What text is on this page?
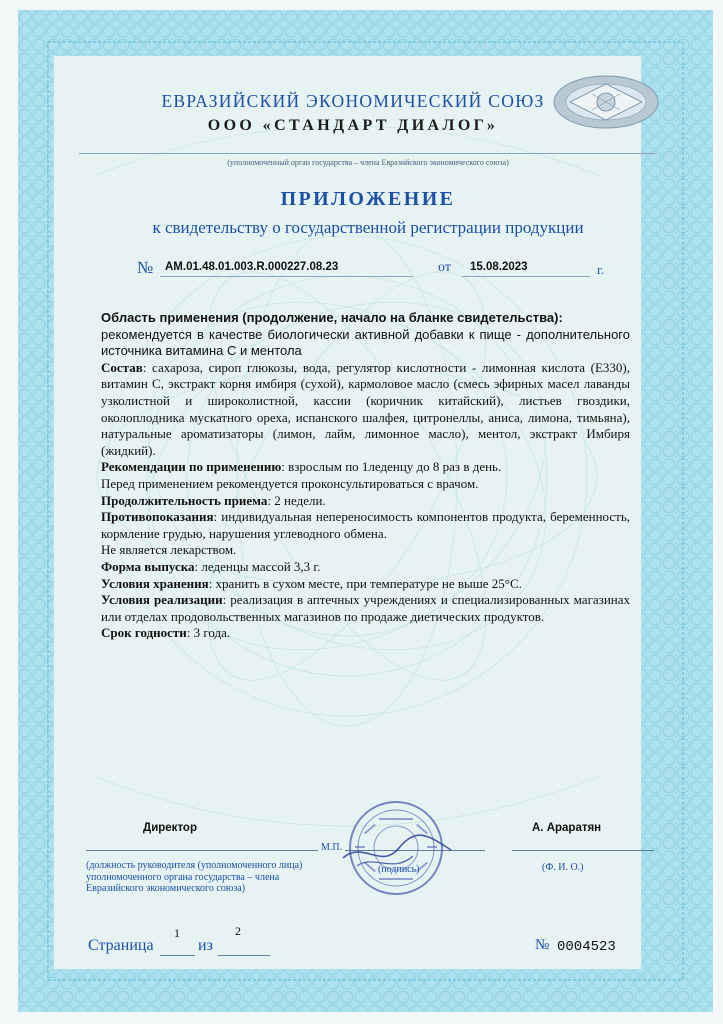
ЕВРАЗИЙСКИЙ ЭКОНОМИЧЕСКИЙ СОЮЗ
ООО «СТАНДАРТ ДИАЛОГ»
(уполномоченный орган государства – члена Евразийского экономического союза)
ПРИЛОЖЕНИЕ
к свидетельству о государственной регистрации продукции
№ AM.01.48.01.003.R.000227.08.23	от 15.08.2023	г.

Область применения (продолжение, начало на бланке свидетельства):
рекомендуется в качестве биологически активной добавки к пище - дополнительного источника витамина С и ментола

Состав: сахароза, сироп глюкозы, вода, регулятор кислотности - лимонная кислота (Е330), витамин С, экстракт корня имбиря (сухой), кармоловое масло (смесь эфирных масел лаванды узколистной и широколистной, кассии (коричник китайский), листьев гвоздики, околоплодника мускатного ореха, испанского шалфея, цитронеллы, аниса, лимона, тимьяна), натуральные ароматизаторы (лимон, лайм, лимонное масло), ментол, экстракт Имбиря (жидкий).

Рекомендации по применению: взрослым по 1леденцу до 8 раз в день.
Перед применением рекомендуется проконсультироваться с врачом.

Продолжительность приема: 2 недели.

Противопоказания: индивидуальная непереносимость компонентов продукта, беременность, кормление грудью, нарушения углеводного обмена.
Не является лекарством.

Форма выпуска: леденцы массой 3,3 г.

Условия хранения: хранить в сухом месте, при температуре не выше 25°С.

Условия реализации: реализация в аптечных учреждениях и специализированных магазинах или отделах продовольственных магазинов по продаже диетических продуктов.

Срок годности: 3 года.

Директор	А. Араратян
М.П.
(подпись)	(Ф. И. О.)
(должность руководителя (уполномоченного лица) уполномоченного органа государства – члена Евразийского экономического союза)
Страница
1
из
2
№ 0004523
